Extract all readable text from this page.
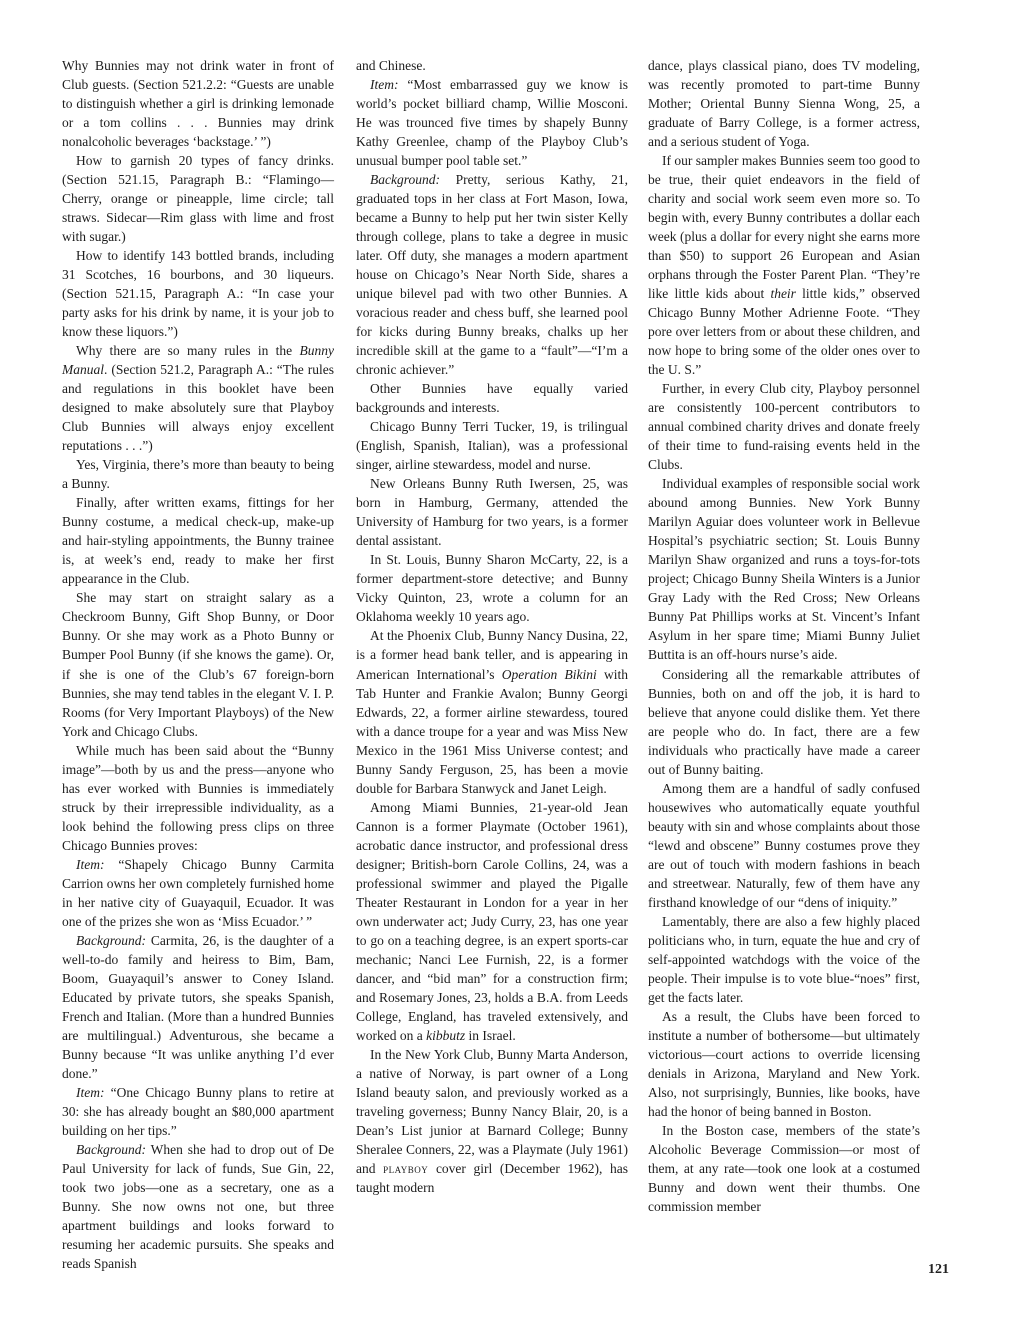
Why Bunnies may not drink water in front of Club guests. (Section 521.2.2: “Guests are unable to distinguish whether a girl is drinking lemonade or a tom collins . . . Bunnies may drink nonalcoholic beverages ‘backstage.’ ”)

How to garnish 20 types of fancy drinks. (Section 521.15, Paragraph B.: “Flamingo—Cherry, orange or pineapple, lime circle; tall straws. Sidecar—Rim glass with lime and frost with sugar.)

How to identify 143 bottled brands, including 31 Scotches, 16 bourbons, and 30 liqueurs. (Section 521.15, Paragraph A.: “In case your party asks for his drink by name, it is your job to know these liquors.”)

Why there are so many rules in the Bunny Manual. (Section 521.2, Paragraph A.: “The rules and regulations in this booklet have been designed to make absolutely sure that Playboy Club Bunnies will always enjoy excellent reputations . . .”)

Yes, Virginia, there’s more than beauty to being a Bunny.

Finally, after written exams, fittings for her Bunny costume, a medical check-up, make-up and hair-styling appointments, the Bunny trainee is, at week’s end, ready to make her first appearance in the Club.

She may start on straight salary as a Checkroom Bunny, Gift Shop Bunny, or Door Bunny. Or she may work as a Photo Bunny or Bumper Pool Bunny (if she knows the game). Or, if she is one of the Club’s 67 foreign-born Bunnies, she may tend tables in the elegant V. I. P. Rooms (for Very Important Playboys) of the New York and Chicago Clubs.

While much has been said about the “Bunny image”—both by us and the press—anyone who has ever worked with Bunnies is immediately struck by their irrepressible individuality, as a look behind the following press clips on three Chicago Bunnies proves:

Item: “Shapely Chicago Bunny Carmita Carrion owns her own completely furnished home in her native city of Guayaquil, Ecuador. It was one of the prizes she won as ‘Miss Ecuador.’ ”

Background: Carmita, 26, is the daughter of a well-to-do family and heiress to Bim, Bam, Boom, Guayaquil’s answer to Coney Island. Educated by private tutors, she speaks Spanish, French and Italian. (More than a hundred Bunnies are multilingual.) Adventurous, she became a Bunny because “It was unlike anything I’d ever done.”

Item: “One Chicago Bunny plans to retire at 30: she has already bought an $80,000 apartment building on her tips.”

Background: When she had to drop out of De Paul University for lack of funds, Sue Gin, 22, took two jobs—one as a secretary, one as a Bunny. She now owns not one, but three apartment buildings and looks forward to resuming her academic pursuits. She speaks and reads Spanish

and Chinese.

Item: “Most embarrassed guy we know is world’s pocket billiard champ, Willie Mosconi. He was trounced five times by shapely Bunny Kathy Greenlee, champ of the Playboy Club’s unusual bumper pool table set.”

Background: Pretty, serious Kathy, 21, graduated tops in her class at Fort Mason, Iowa, became a Bunny to help put her twin sister Kelly through college, plans to take a degree in music later. Off duty, she manages a modern apartment house on Chicago’s Near North Side, shares a unique bilevel pad with two other Bunnies. A voracious reader and chess buff, she learned pool for kicks during Bunny breaks, chalks up her incredible skill at the game to a “fault”—“I’m a chronic achiever.”

Other Bunnies have equally varied backgrounds and interests.

Chicago Bunny Terri Tucker, 19, is trilingual (English, Spanish, Italian), was a professional singer, airline stewardess, model and nurse.

New Orleans Bunny Ruth Iwersen, 25, was born in Hamburg, Germany, attended the University of Hamburg for two years, is a former dental assistant.

In St. Louis, Bunny Sharon McCarty, 22, is a former department-store detective; and Bunny Vicky Quinton, 23, wrote a column for an Oklahoma weekly 10 years ago.

At the Phoenix Club, Bunny Nancy Dusina, 22, is a former head bank teller, and is appearing in American International’s Operation Bikini with Tab Hunter and Frankie Avalon; Bunny Georgi Edwards, 22, a former airline stewardess, toured with a dance troupe for a year and was Miss New Mexico in the 1961 Miss Universe contest; and Bunny Sandy Ferguson, 25, has been a movie double for Barbara Stanwyck and Janet Leigh.

Among Miami Bunnies, 21-year-old Jean Cannon is a former Playmate (October 1961), acrobatic dance instructor, and professional dress designer; British-born Carole Collins, 24, was a professional swimmer and played the Pigalle Theater Restaurant in London for a year in her own underwater act; Judy Curry, 23, has one year to go on a teaching degree, is an expert sports-car mechanic; Nanci Lee Furnish, 22, is a former dancer, and “bid man” for a construction firm; and Rosemary Jones, 23, holds a B.A. from Leeds College, England, has traveled extensively, and worked on a kibbutz in Israel.

In the New York Club, Bunny Marta Anderson, a native of Norway, is part owner of a Long Island beauty salon, and previously worked as a traveling governess; Bunny Nancy Blair, 20, is a Dean’s List junior at Barnard College; Bunny Sheralee Conners, 22, was a Playmate (July 1961) and playboy cover girl (December 1962), has taught modern

dance, plays classical piano, does TV modeling, was recently promoted to part-time Bunny Mother; Oriental Bunny Sienna Wong, 25, a graduate of Barry College, is a former actress, and a serious student of Yoga.

If our sampler makes Bunnies seem too good to be true, their quiet endeavors in the field of charity and social work seem even more so. To begin with, every Bunny contributes a dollar each week (plus a dollar for every night she earns more than $50) to support 26 European and Asian orphans through the Foster Parent Plan. “They’re like little kids about their little kids,” observed Chicago Bunny Mother Adrienne Foote. “They pore over letters from or about these children, and now hope to bring some of the older ones over to the U. S.”

Further, in every Club city, Playboy personnel are consistently 100-percent contributors to annual combined charity drives and donate freely of their time to fund-raising events held in the Clubs.

Individual examples of responsible social work abound among Bunnies. New York Bunny Marilyn Aguiar does volunteer work in Bellevue Hospital’s psychiatric section; St. Louis Bunny Marilyn Shaw organized and runs a toys-for-tots project; Chicago Bunny Sheila Winters is a Junior Gray Lady with the Red Cross; New Orleans Bunny Pat Phillips works at St. Vincent’s Infant Asylum in her spare time; Miami Bunny Juliet Buttita is an off-hours nurse’s aide.

Considering all the remarkable attributes of Bunnies, both on and off the job, it is hard to believe that anyone could dislike them. Yet there are people who do. In fact, there are a few individuals who practically have made a career out of Bunny baiting.

Among them are a handful of sadly confused housewives who automatically equate youthful beauty with sin and whose complaints about those “lewd and obscene” Bunny costumes prove they are out of touch with modern fashions in beach and streetwear. Naturally, few of them have any firsthand knowledge of our “dens of iniquity.”

Lamentably, there are also a few highly placed politicians who, in turn, equate the hue and cry of self-appointed watchdogs with the voice of the people. Their impulse is to vote blue-“noes” first, get the facts later.

As a result, the Clubs have been forced to institute a number of bothersome—but ultimately victorious—court actions to override licensing denials in Arizona, Maryland and New York. Also, not surprisingly, Bunnies, like books, have had the honor of being banned in Boston.

In the Boston case, members of the state’s Alcoholic Beverage Commission—or most of them, at any rate—took one look at a costumed Bunny and down went their thumbs. One commission member

121
